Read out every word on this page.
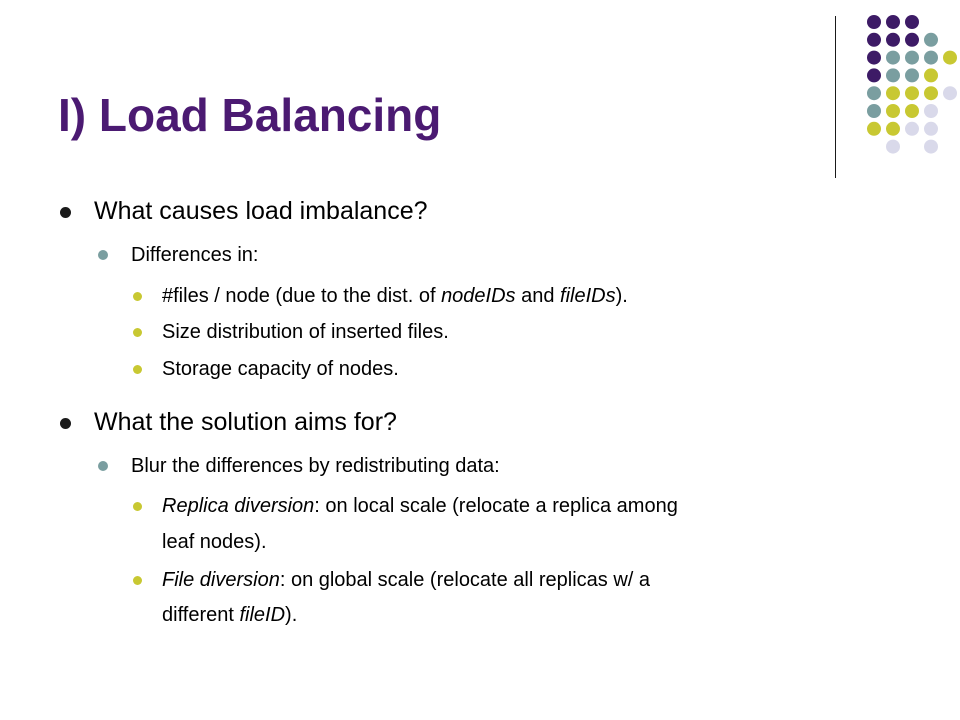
I) Load Balancing
What causes load imbalance?
Differences in:
#files / node (due to the dist. of nodeIDs and fileIDs).
Size distribution of inserted files.
Storage capacity of nodes.
What the solution aims for?
Blur the differences by redistributing data:
Replica diversion: on local scale (relocate a replica among
leaf nodes).
File diversion: on global scale (relocate all replicas w/ a
different fileID).
